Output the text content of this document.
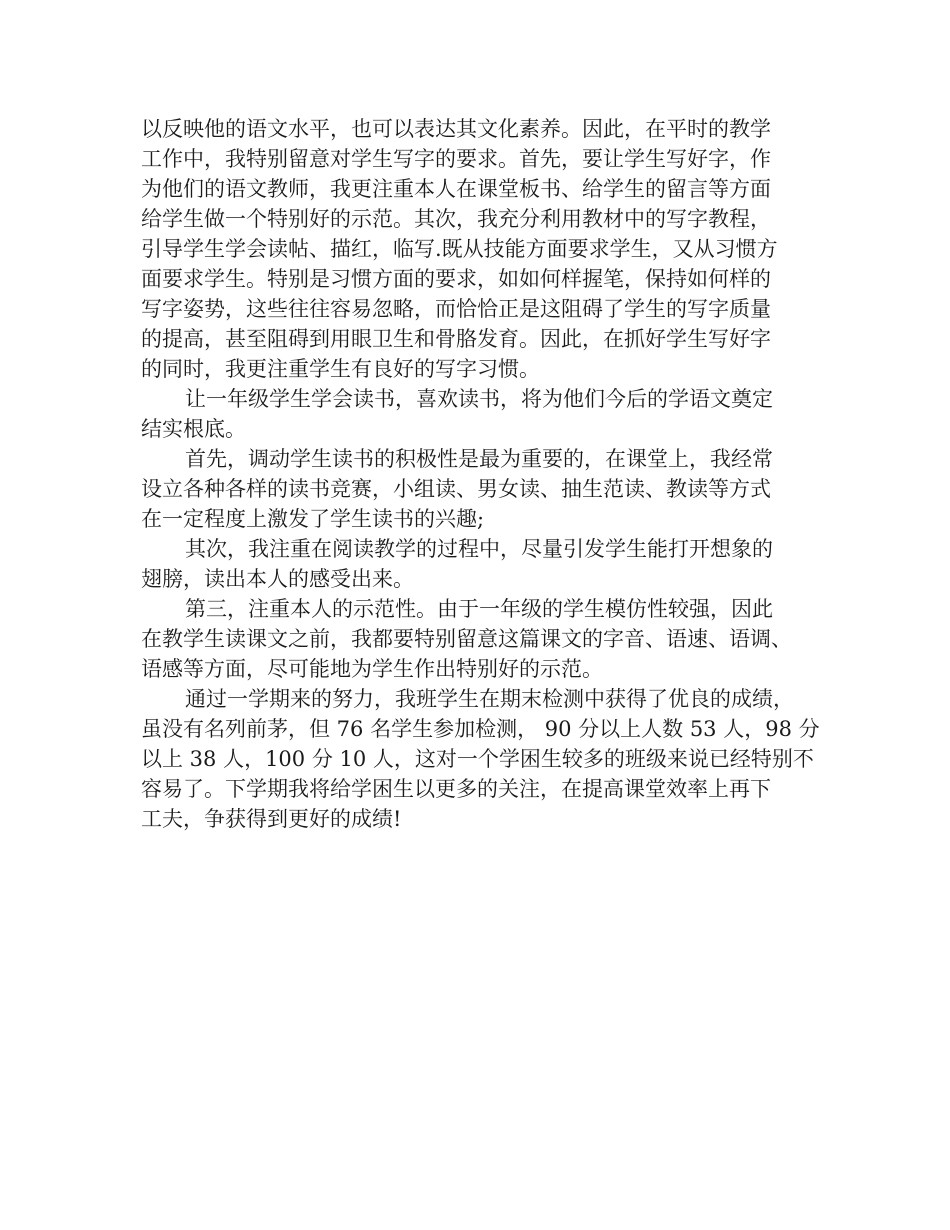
以反映他的语文水平，也可以表达其文化素养。因此，在平时的教学
工作中，我特别留意对学生写字的要求。首先，要让学生写好字，作
为他们的语文教师，我更注重本人在课堂板书、给学生的留言等方面
给学生做一个特别好的示范。其次，我充分利用教材中的写字教程，
引导学生学会读帖、描红，临写.既从技能方面要求学生，又从习惯方
面要求学生。特别是习惯方面的要求，如如何样握笔，保持如何样的
写字姿势，这些往往容易忽略，而恰恰正是这阻碍了学生的写字质量
的提高，甚至阻碍到用眼卫生和骨胳发育。因此，在抓好学生写好字
的同时，我更注重学生有良好的写字习惯。
让一年级学生学会读书，喜欢读书，将为他们今后的学语文奠定
结实根底。
首先，调动学生读书的积极性是最为重要的，在课堂上，我经常
设立各种各样的读书竞赛，小组读、男女读、抽生范读、教读等方式
在一定程度上激发了学生读书的兴趣;
其次，我注重在阅读教学的过程中，尽量引发学生能打开想象的
翅膀，读出本人的感受出来。
第三，注重本人的示范性。由于一年级的学生模仿性较强，因此
在教学生读课文之前，我都要特别留意这篇课文的字音、语速、语调、
语感等方面，尽可能地为学生作出特别好的示范。
通过一学期来的努力，我班学生在期末检测中获得了优良的成绩，
虽没有名列前茅，但 76 名学生参加检测， 90 分以上人数 53 人，98 分
以上 38 人，100 分 10 人，这对一个学困生较多的班级来说已经特别不
容易了。下学期我将给学困生以更多的关注，在提高课堂效率上再下
工夫，争获得到更好的成绩!
